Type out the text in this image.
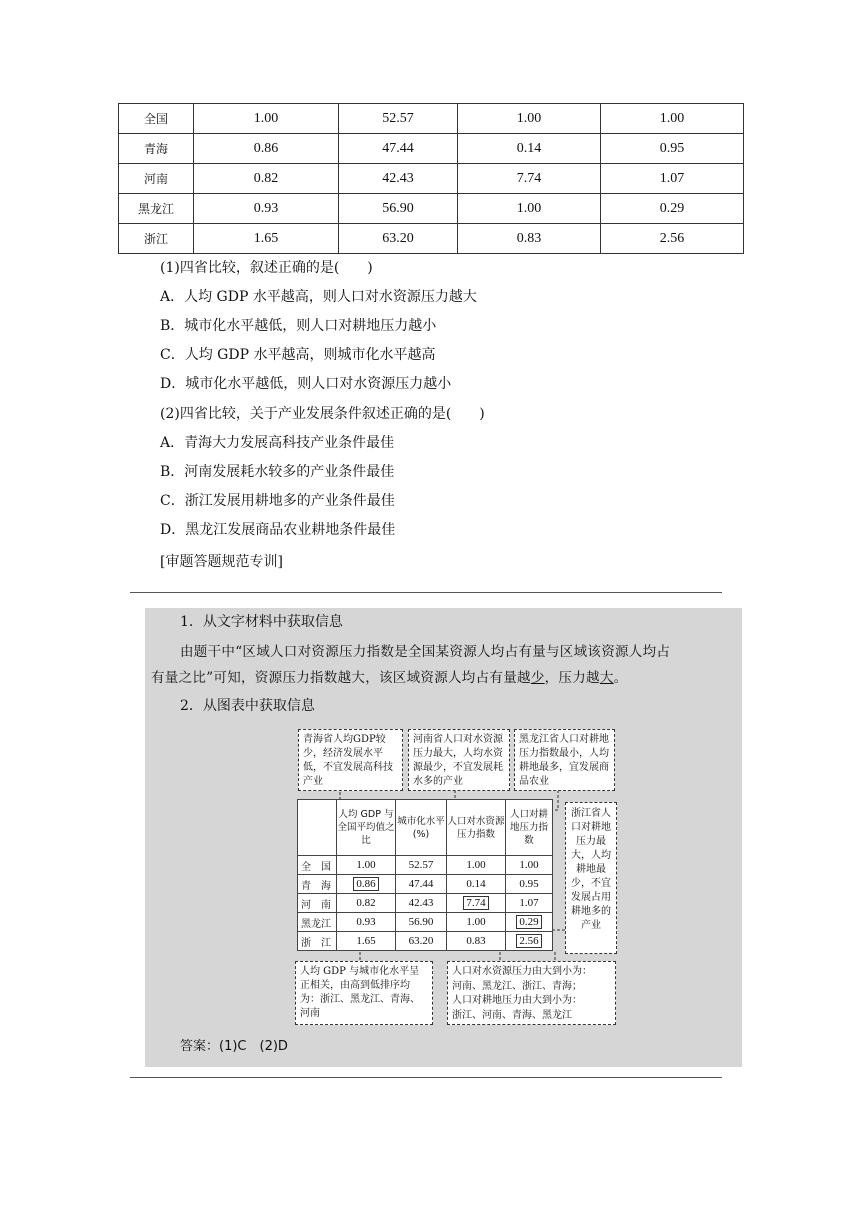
全国	1.00	52.57	1.00	1.00
青海	0.86	47.44	0.14	0.95
河南	0.82	42.43	7.74	1.07
黑龙江	0.93	56.90	1.00	0.29
浙江	1.65	63.20	0.83	2.56
(1)四省比较，叙述正确的是(　　)
A．人均 GDP 水平越高，则人口对水资源压力越大
B．城市化水平越低，则人口对耕地压力越小
C．人均 GDP 水平越高，则城市化水平越高
D．城市化水平越低，则人口对水资源压力越小
(2)四省比较，关于产业发展条件叙述正确的是(　　)
A．青海大力发展高科技产业条件最佳
B．河南发展耗水较多的产业条件最佳
C．浙江发展用耕地多的产业条件最佳
D．黑龙江发展商品农业耕地条件最佳
[审题答题规范专训]
1．从文字材料中获取信息
由题干中“区域人口对资源压力指数是全国某资源人均占有量与区域该资源人均占
有量之比”可知，资源压力指数越大，该区域资源人均占有量越少，压力越大。
2．从图表中获取信息
答案：(1)C　(2)D
青海省人均GDP较少，经济发展水平低，不宜发展高科技产业
河南省人口对水资源压力最大，人均水资源最少，不宜发展耗水多的产业
黑龙江省人口对耕地压力指数最小，人均耕地最多，宜发展商品农业
浙江省人口对耕地压力最大，人均耕地最少，不宜发展占用耕地多的产业
	人均 GDP 与全国平均值之比	城市化水平 (%)	人口对水资源压力指数	人口对耕地压力指数
全　国	1.00	52.57	1.00	1.00
青　海	0.86	47.44	0.14	0.95
河　南	0.82	42.43	7.74	1.07
黑龙江	0.93	56.90	1.00	0.29
浙　江	1.65	63.20	0.83	2.56
人均 GDP 与城市化水平呈正相关，由高到低排序均为：浙江、黑龙江、青海、河南
人口对水资源压力由大到小为：
河南、黑龙江、浙江、青海；
人口对耕地压力由大到小为：
浙江、河南、青海、黑龙江
